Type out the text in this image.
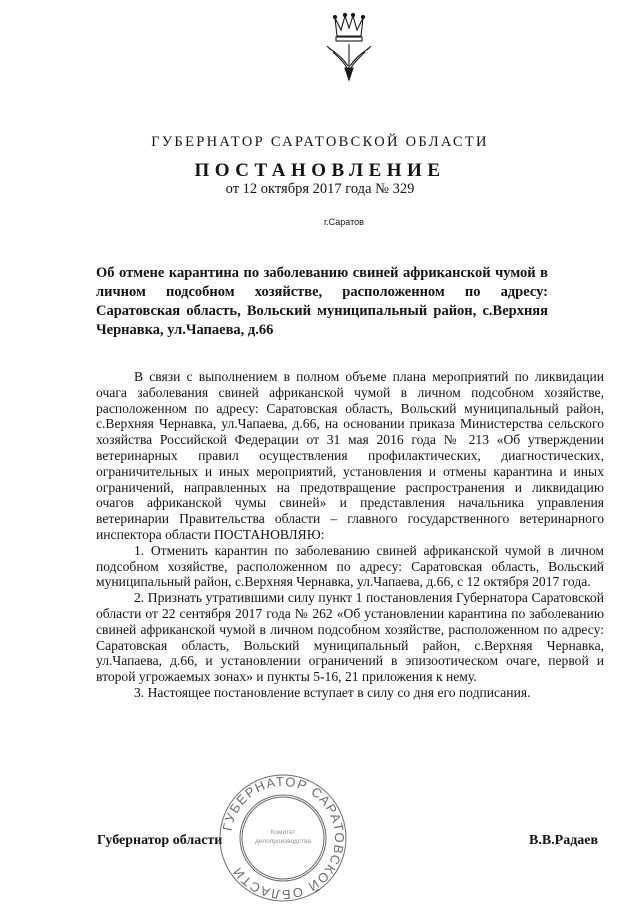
ГУБЕРНАТОР САРАТОВСКОЙ ОБЛАСТИ
ПОСТАНОВЛЕНИЕ
от 12 октября 2017 года № 329
г.Саратов
Об отмене карантина по заболеванию свиней африканской чумой в личном подсобном хозяйстве, расположенном по адресу: Саратовская область, Вольский муниципальный район, с.Верхняя Чернавка, ул.Чапаева, д.66

В связи с выполнением в полном объеме плана мероприятий по ликвидации очага заболевания свиней африканской чумой в личном подсобном хозяйстве, расположенном по адресу: Саратовская область, Вольский муниципальный район, с.Верхняя Чернавка, ул.Чапаева, д.66, на основании приказа Министерства сельского хозяйства Российской Федерации от 31 мая 2016 года № 213 «Об утверждении ветеринарных правил осуществления профилактических, диагностических, ограничительных и иных мероприятий, установления и отмены карантина и иных ограничений, направленных на предотвращение распространения и ликвидацию очагов африканской чумы свиней» и представления начальника управления ветеринарии Правительства области – главного государственного ветеринарного инспектора области ПОСТАНОВЛЯЮ:

1. Отменить карантин по заболеванию свиней африканской чумой в личном подсобном хозяйстве, расположенном по адресу: Саратовская область, Вольский муниципальный район, с.Верхняя Чернавка, ул.Чапаева, д.66, с 12 октября 2017 года.

2. Признать утратившими силу пункт 1 постановления Губернатора Саратовской области от 22 сентября 2017 года № 262 «Об установлении карантина по заболеванию свиней африканской чумой в личном подсобном хозяйстве, расположенном по адресу: Саратовская область, Вольский муниципальный район, с.Верхняя Чернавка, ул.Чапаева, д.66, и установлении ограничений в эпизоотическом очаге, первой и второй угрожаемых зонах» и пункты 5-16, 21 приложения к нему.

3. Настоящее постановление вступает в силу со дня его подписания.

Губернатор области	В.В.Радаев
ГУБЕРНАТОР САРАТОВСКОЙ ОБЛАСТИ
Комитет
делопроизводства
